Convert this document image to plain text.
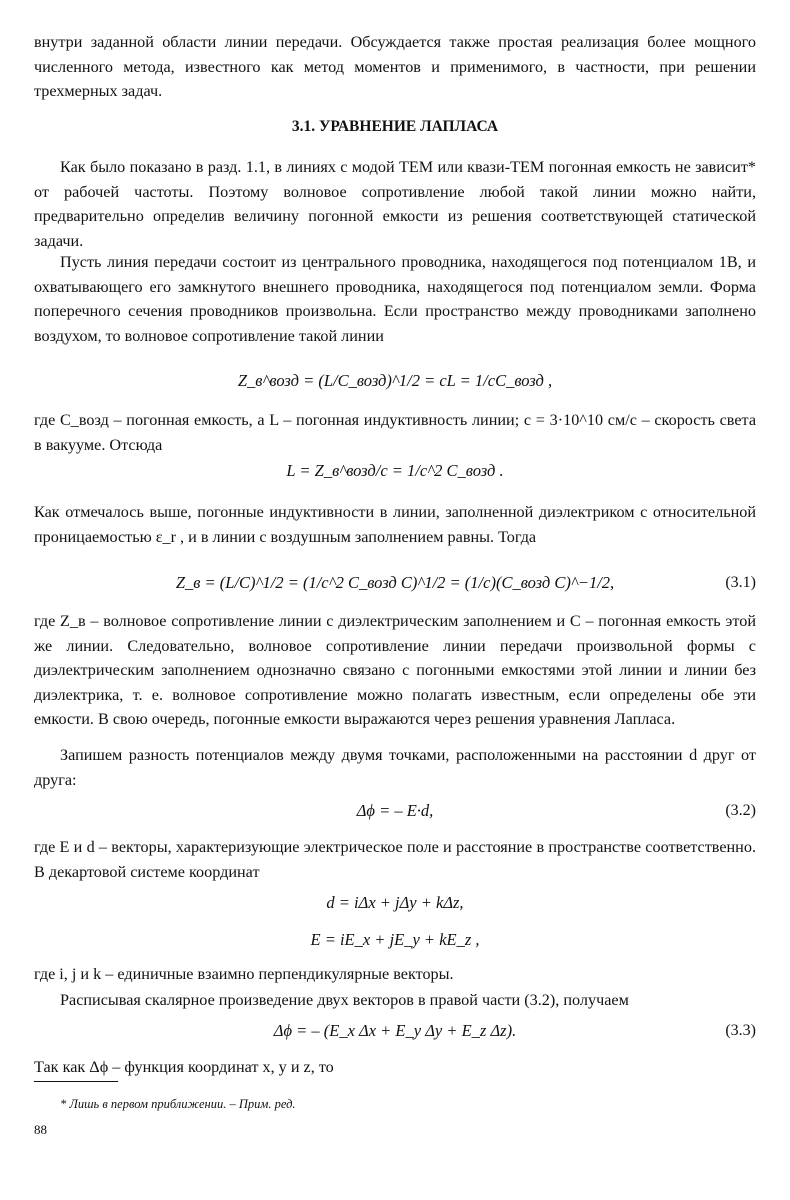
внутри заданной области линии передачи. Обсуждается также простая реализация более мощного численного метода, известного как метод моментов и применимого, в частности, при решении трехмерных задач.

3.1. УРАВНЕНИЕ ЛАПЛАСА

Как было показано в разд. 1.1, в линиях с модой ТЕМ или квази-ТЕМ погонная емкость не зависит* от рабочей частоты. Поэтому волновое сопротивление любой такой линии можно найти, предварительно определив величину погонной емкости из решения соответствующей статической задачи.

Пусть линия передачи состоит из центрального проводника, находящегося под потенциалом 1В, и охватывающего его замкнутого внешнего проводника, находящегося под потенциалом земли. Форма поперечного сечения проводников произвольна. Если пространство между проводниками заполнено воздухом, то волновое сопротивление такой линии

Z_в^возд = (L/C_возд)^1/2 = cL = 1/cC_возд ,

где C_возд – погонная емкость, а L – погонная индуктивность линии; c = 3·10^10 см/с – скорость света в вакууме. Отсюда

L = Z_в^возд/c = 1/c^2 C_возд .

Как отмечалось выше, погонные индуктивности в линии, заполненной диэлектриком с относительной проницаемостью ε_r , и в линии с воздушным заполнением равны. Тогда

Z_в = (L/C)^1/2 = (1/c^2 C_возд C)^1/2 = (1/c)(C_возд C)^−1/2,	(3.1)

где Z_в – волновое сопротивление линии с диэлектрическим заполнением и C – погонная емкость этой же линии. Следовательно, волновое сопротивление линии передачи произвольной формы с диэлектрическим заполнением однозначно связано с погонными емкостями этой линии и линии без диэлектрика, т. е. волновое сопротивление можно полагать известным, если определены обе эти емкости. В свою очередь, погонные емкости выражаются через решения уравнения Лапласа.

Запишем разность потенциалов между двумя точками, расположенными на расстоянии d друг от друга:

Δϕ = – E·d,	(3.2)

где E и d – векторы, характеризующие электрическое поле и расстояние в пространстве соответственно. В декартовой системе координат

d = iΔx + jΔy + kΔz,
E = iE_x + jE_y + kE_z ,

где i, j и k – единичные взаимно перпендикулярные векторы.

Расписывая скалярное произведение двух векторов в правой части (3.2), получаем

Δϕ = – (E_x Δx + E_y Δy + E_z Δz).	(3.3)

Так как Δϕ – функция координат x, y и z, то

* Лишь в первом приближении. – Прим. ред.
88
